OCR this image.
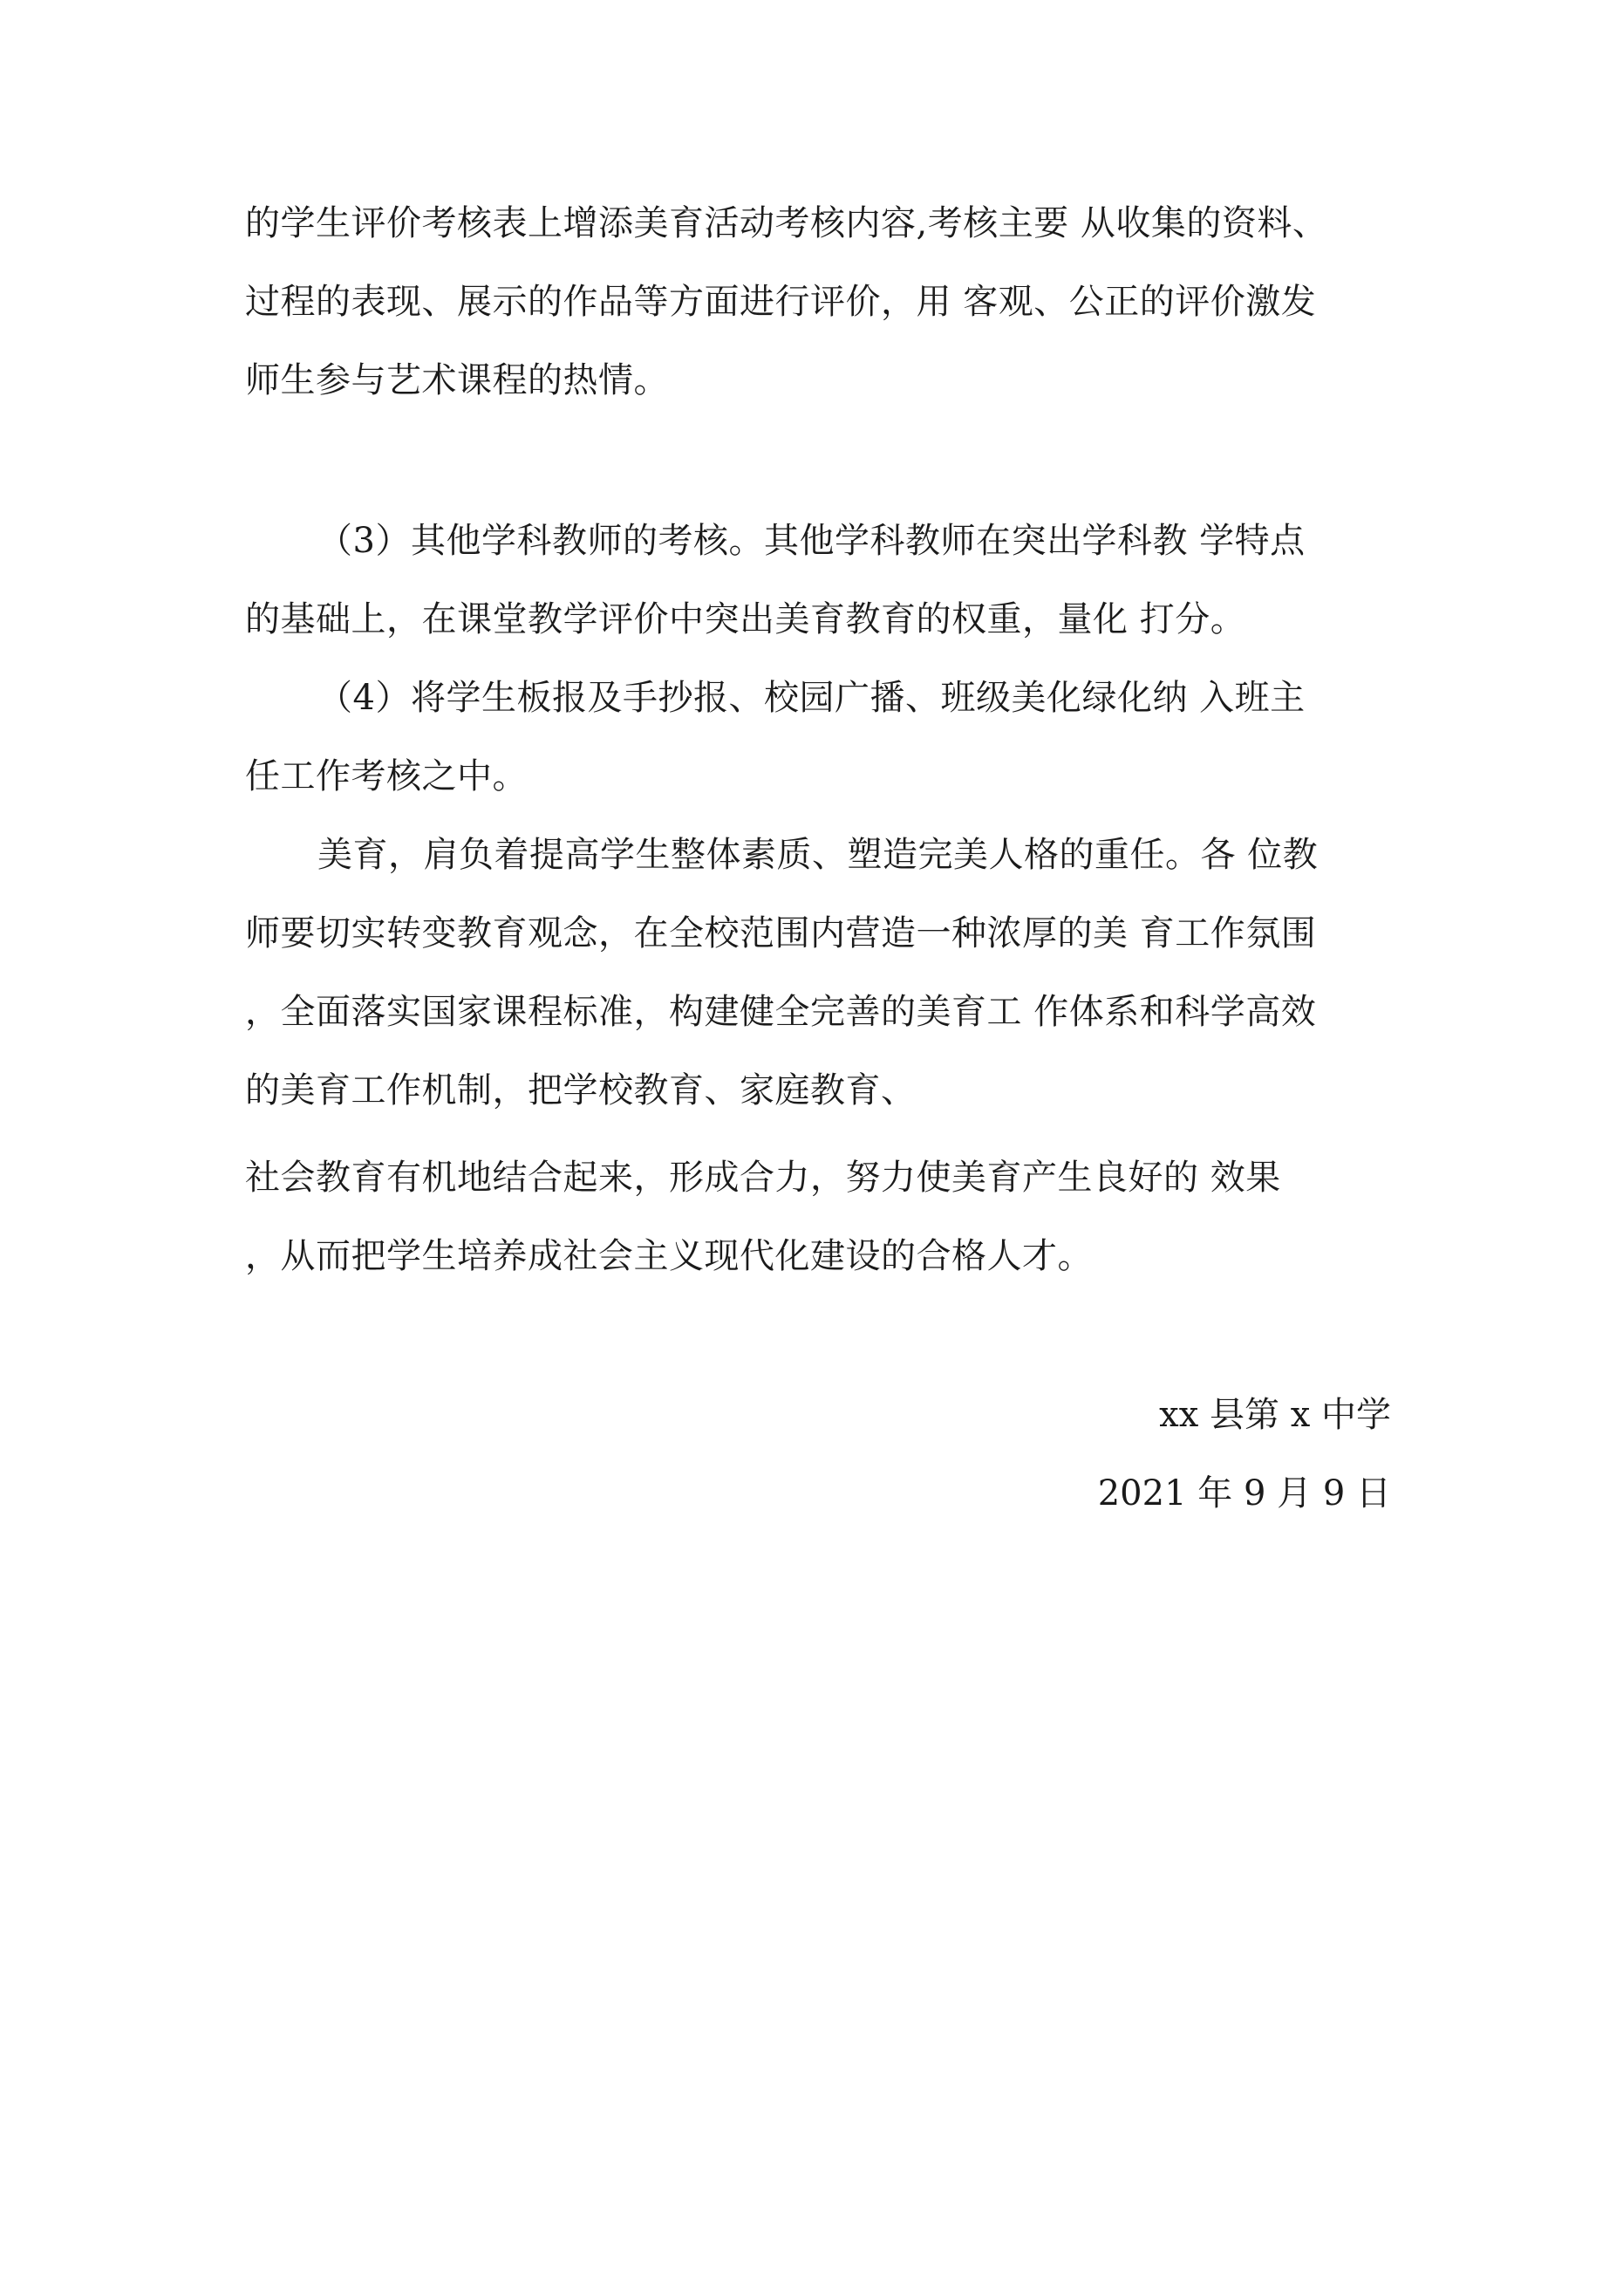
的学生评价考核表上增添美育活动考核内容,考核主要 从收集的资料、
过程的表现、展示的作品等方面进行评价，用 客观、公正的评价激发
师生参与艺术课程的热情。
（3）其他学科教师的考核。其他学科教师在突出学科教 学特点
的基础上，在课堂教学评价中突出美育教育的权重，量化 打分。
（4）将学生板报及手抄报、校园广播、班级美化绿化纳 入班主
任工作考核之中。
美育，肩负着提高学生整体素质、塑造完美人格的重任。各 位教
师要切实转变教育观念，在全校范围内营造一种浓厚的美 育工作氛围
，全面落实国家课程标准，构建健全完善的美育工 作体系和科学高效
的美育工作机制，把学校教育、家庭教育、
社会教育有机地结合起来，形成合力，努力使美育产生良好的 效果
，从而把学生培养成社会主义现代化建设的合格人才。
xx 县第 x 中学
2021 年 9 月 9 日
